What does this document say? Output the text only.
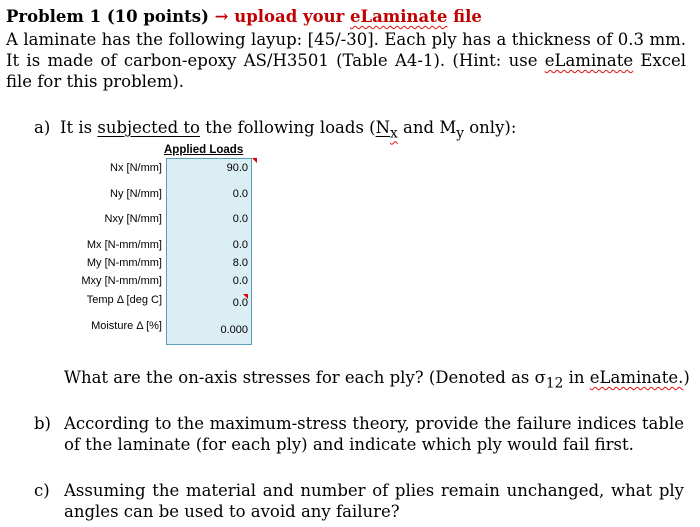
Problem 1 (10 points) → upload your eLaminate file
A laminate has the following layup: [45/-30]. Each ply has a thickness of 0.3 mm. It is made of carbon-epoxy AS/H3501 (Table A4-1). (Hint: use eLaminate Excel file for this problem).
a) It is subjected to the following loads ($N_x$ and $M_y$ only):
Applied Loads
Nx [N/mm]	90.0
Ny [N/mm]	0.0
Nxy [N/mm]	0.0
Mx [N-mm/mm]	0.0
My [N-mm/mm]	8.0
Mxy [N-mm/mm]	0.0
Temp Δ [deg C]	0.0
Moisture Δ [%]	0.000
What are the on-axis stresses for each ply? (Denoted as $\sigma_{12}$ in eLaminate.)
b) According to the maximum-stress theory, provide the failure indices table of the laminate (for each ply) and indicate which ply would fail first.
c) Assuming the material and number of plies remain unchanged, what ply angles can be used to avoid any failure?
